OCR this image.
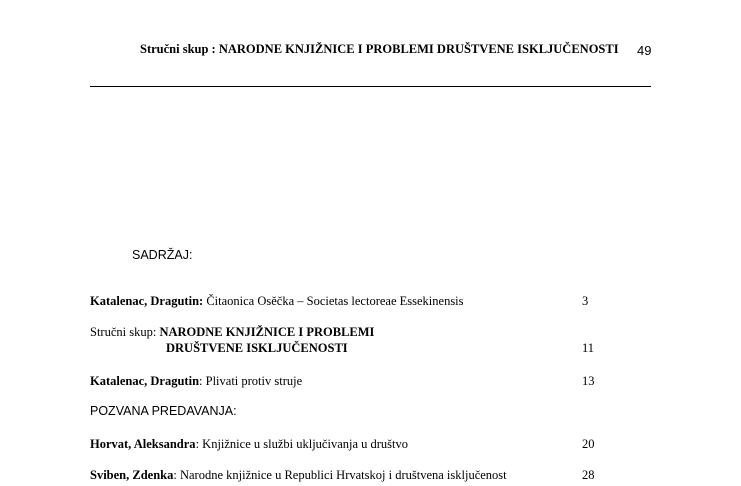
Stručni skup : NARODNE KNJIŽNICE I PROBLEMI DRUŠTVENE ISKLJUČENOSTI 49
SADRŽAJ:
Katalenac, Dragutin: Čitaonica Osěčka – Societas lectoreae Essekinensis	3
Stručni skup: NARODNE KNJIŽNICE I PROBLEMI
DRUŠTVENE ISKLJUČENOSTI	11
Katalenac, Dragutin: Plivati protiv struje	13
POZVANA PREDAVANJA:
Horvat, Aleksandra: Knjižnice u službi uključivanja u društvo	20
Sviben, Zdenka: Narodne knjižnice u Republici Hrvatskoj i društvena isključenost	28
